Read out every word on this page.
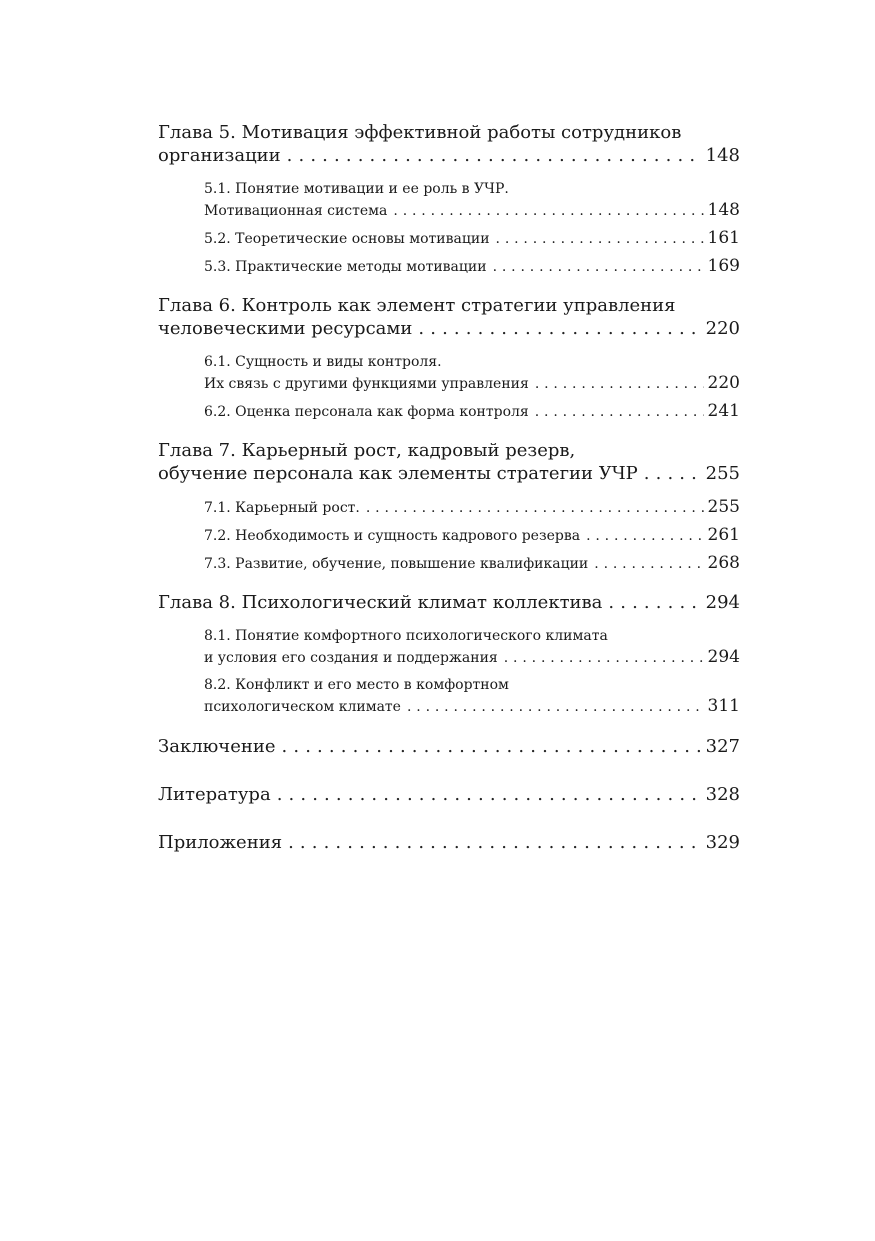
Глава 5. Мотивация эффективной работы сотрудников
организации . . .	148
5.1. Понятие мотивации и ее роль в УЧР.
Мотивационная система . . .	148
5.2. Теоретические основы мотивации . . .	161
5.3. Практические методы мотивации . . .	169
Глава 6. Контроль как элемент стратегии управления
человеческими ресурсами . . .	220
6.1. Сущность и виды контроля.
Их связь с другими функциями управления . . .	220
6.2. Оценка персонала как форма контроля . . .	241
Глава 7. Карьерный рост, кадровый резерв,
обучение персонала как элементы стратегии УЧР . . .	255
7.1. Карьерный рост. . . .	255
7.2. Необходимость и сущность кадрового резерва . . .	261
7.3. Развитие, обучение, повышение квалификации . . .	268
Глава 8. Психологический климат коллектива . . .	294
8.1. Понятие комфортного психологического климата
и условия его создания и поддержания . . .	294
8.2. Конфликт и его место в комфортном
психологическом климате . . .	311
Заключение . . .	327
Литература . . .	328
Приложения . . .	329
